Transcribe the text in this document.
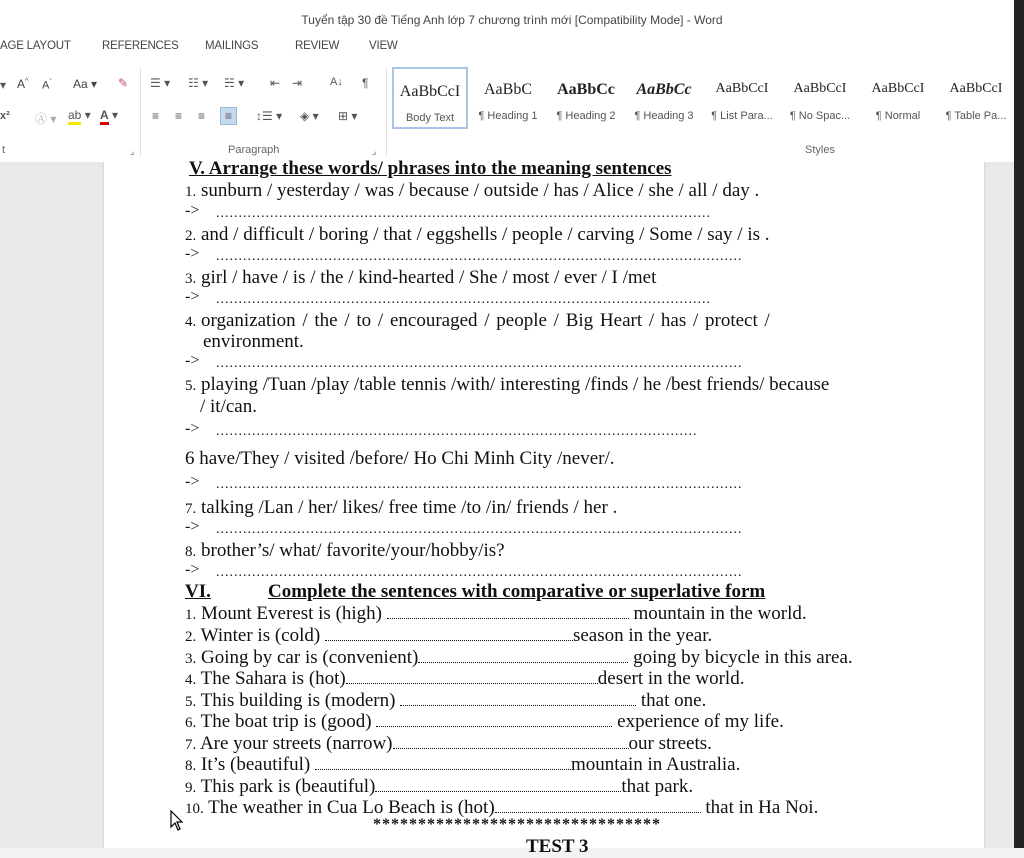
Tuyển tập 30 đề Tiếng Anh lớp 7 chương trình mới [Compatibility Mode] - Word
AGE LAYOUT	REFERENCES MAILINGS	REVIEW	VIEW
▾ A^ $A^ˇ$ Aa ▾ ✎
x² Ⓐ ▾ ab ▾ A ▾
t	⌟
☰ ▾ ☷ ▾ ☵ ▾ ⇤ ⇥	A↓ ¶
≡ ≡ ≡	≡	↕☰ ▾ ◈ ▾ ⊞ ▾
Paragraph	⌟
AaBbCcI
Body Text
AaBbC
¶ Heading 1
AaBbCc
¶ Heading 2
AaBbCc
¶ Heading 3
AaBbCcI
¶ List Para...
AaBbCcI
¶ No Spac...
AaBbCcI
¶ Normal
AaBbCcI
¶ Table Pa...
Styles
V. Arrange these words/ phrases into the meaning sentences
1. sunburn / yesterday / was / because / outside / has / Alice / she / all / day .
-> ..............................................................................................................
2. and / difficult / boring / that / eggshells / people / carving / Some / say / is .
-> .....................................................................................................................
3. girl / have / is / the / kind-hearted / She / most / ever / I /met
-> ..............................................................................................................
4. organization / the / to / encouraged / people / Big Heart / has / protect /
environment.
-> .....................................................................................................................
5. playing /Tuan /play /table tennis /with/ interesting /finds / he /best friends/ because
/ it/can.
-> ...........................................................................................................
6 have/They / visited /before/ Ho Chi Minh City /never/.
-> .....................................................................................................................
7. talking /Lan / her/ likes/ free time /to /in/ friends / her .
-> .....................................................................................................................
8. brother’s/ what/ favorite/your/hobby/is?
-> .....................................................................................................................
VI.	Complete the sentences with comparative or superlative form
1. Mount Everest is (high)	mountain in the world.
2. Winter is (cold)	season in the year.
3. Going by car is (convenient)	going by bicycle in this area.
4. The Sahara is (hot)	desert in the world.
5. This building is (modern)	that one.
6. The boat trip is (good)	experience of my life.
7. Are your streets (narrow)	our streets.
8. It’s (beautiful)	mountain in Australia.
9. This park is (beautiful)	that park.
10. The weather in Cua Lo Beach is (hot)	that in Ha Noi.
********************************
TEST 3
